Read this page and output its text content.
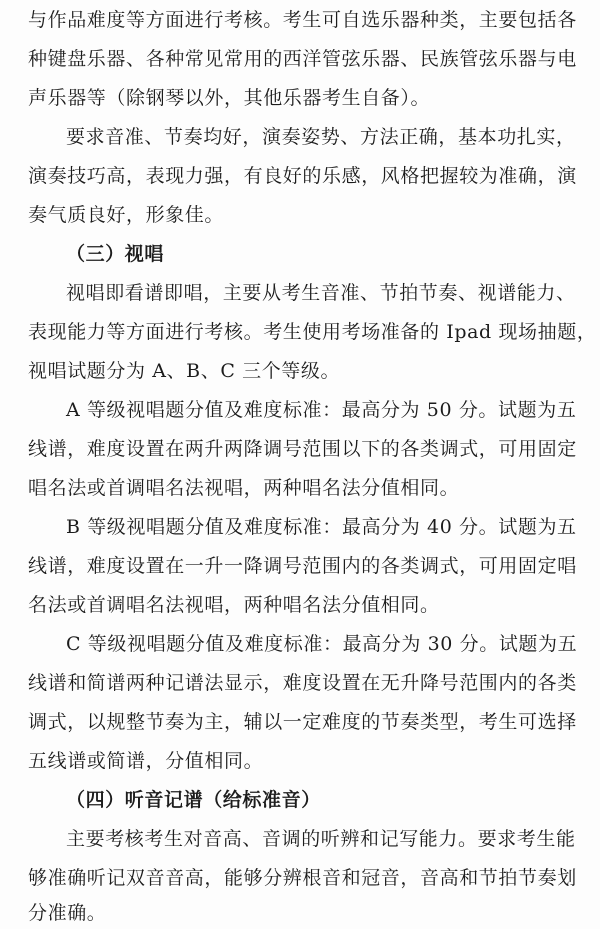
与作品难度等方面进行考核。考生可自选乐器种类，主要包括各
种键盘乐器、各种常见常用的西洋管弦乐器、民族管弦乐器与电
声乐器等（除钢琴以外，其他乐器考生自备）。
要求音准、节奏均好，演奏姿势、方法正确，基本功扎实，
演奏技巧高，表现力强，有良好的乐感，风格把握较为准确，演
奏气质良好，形象佳。
（三）视唱
视唱即看谱即唱，主要从考生音准、节拍节奏、视谱能力、
表现能力等方面进行考核。考生使用考场准备的 Ipad 现场抽题，
视唱试题分为 A、B、C 三个等级。
A 等级视唱题分值及难度标准：最高分为 50 分。试题为五
线谱，难度设置在两升两降调号范围以下的各类调式，可用固定
唱名法或首调唱名法视唱，两种唱名法分值相同。
B 等级视唱题分值及难度标准：最高分为 40 分。试题为五
线谱，难度设置在一升一降调号范围内的各类调式，可用固定唱
名法或首调唱名法视唱，两种唱名法分值相同。
C 等级视唱题分值及难度标准：最高分为 30 分。试题为五
线谱和简谱两种记谱法显示，难度设置在无升降号范围内的各类
调式，以规整节奏为主，辅以一定难度的节奏类型，考生可选择
五线谱或简谱，分值相同。
（四）听音记谱（给标准音）
主要考核考生对音高、音调的听辨和记写能力。要求考生能
够准确听记双音音高，能够分辨根音和冠音，音高和节拍节奏划
分准确。
